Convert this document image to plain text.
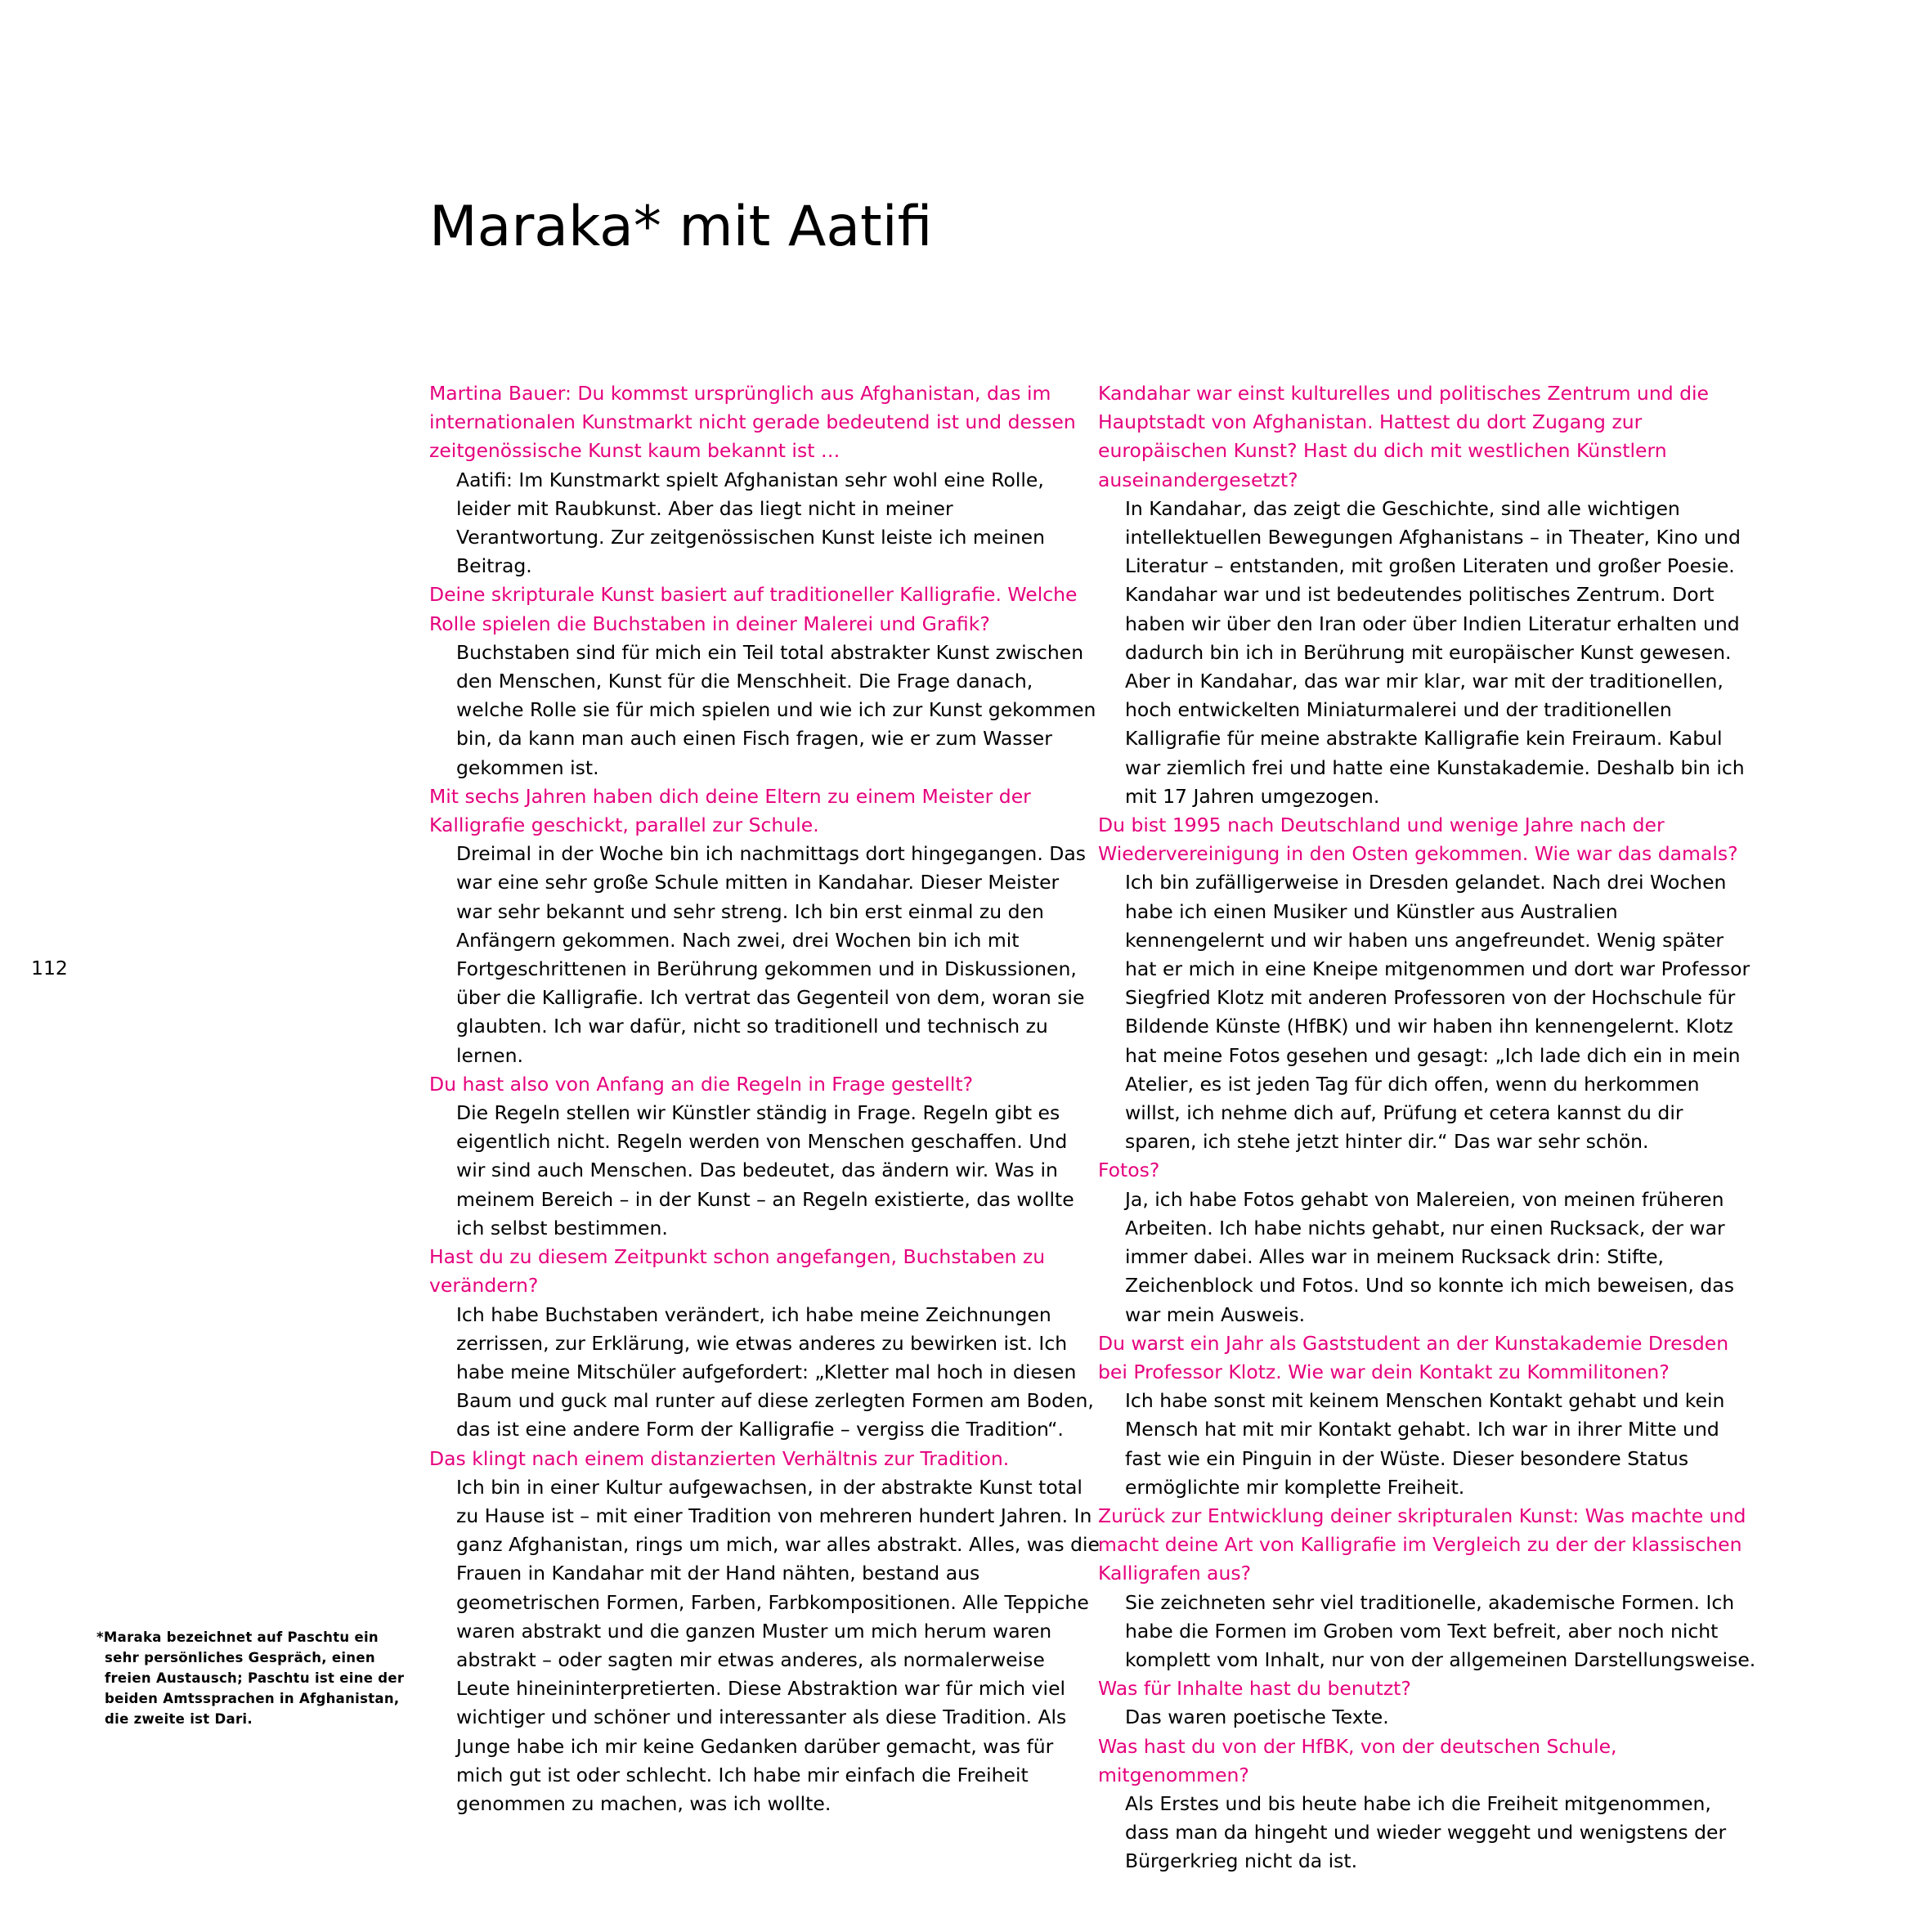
Maraka* mit Aatifi

Martina Bauer: Du kommst ursprünglich aus Afghanistan, das im internationalen Kunstmarkt nicht gerade bedeutend ist und dessen zeitgenössische Kunst kaum bekannt ist …

Aatifi: Im Kunstmarkt spielt Afghanistan sehr wohl eine Rolle, leider mit Raubkunst. Aber das liegt nicht in meiner Verantwortung. Zur zeitgenössischen Kunst leiste ich meinen Beitrag.

Deine skripturale Kunst basiert auf traditioneller Kalligrafie. Welche Rolle spielen die Buchstaben in deiner Malerei und Grafik?

Buchstaben sind für mich ein Teil total abstrakter Kunst zwischen den Menschen, Kunst für die Menschheit. Die Frage danach, welche Rolle sie für mich spielen und wie ich zur Kunst gekommen bin, da kann man auch einen Fisch fragen, wie er zum Wasser gekommen ist.

Mit sechs Jahren haben dich deine Eltern zu einem Meister der Kalligrafie geschickt, parallel zur Schule.

Dreimal in der Woche bin ich nachmittags dort hingegangen. Das war eine sehr große Schule mitten in Kandahar. Dieser Meister war sehr bekannt und sehr streng. Ich bin erst einmal zu den Anfängern gekommen. Nach zwei, drei Wochen bin ich mit Fortgeschrittenen in Berührung gekommen und in Diskussionen, über die Kalligrafie. Ich vertrat das Gegenteil von dem, woran sie glaubten. Ich war dafür, nicht so traditionell und technisch zu lernen.

Du hast also von Anfang an die Regeln in Frage gestellt?

Die Regeln stellen wir Künstler ständig in Frage. Regeln gibt es eigentlich nicht. Regeln werden von Menschen geschaffen. Und wir sind auch Menschen. Das bedeutet, das ändern wir. Was in meinem Bereich – in der Kunst – an Regeln existierte, das wollte ich selbst bestimmen.

Hast du zu diesem Zeitpunkt schon angefangen, Buchstaben zu verändern?

Ich habe Buchstaben verändert, ich habe meine Zeichnungen zerrissen, zur Erklärung, wie etwas anderes zu bewirken ist. Ich habe meine Mitschüler aufgefordert: „Kletter mal hoch in diesen Baum und guck mal runter auf diese zerlegten Formen am Boden, das ist eine andere Form der Kalligrafie – vergiss die Tradition“.

Das klingt nach einem distanzierten Verhältnis zur Tradition.

Ich bin in einer Kultur aufgewachsen, in der abstrakte Kunst total zu Hause ist – mit einer Tradition von mehreren hundert Jahren. In ganz Afghanistan, rings um mich, war alles abstrakt. Alles, was die Frauen in Kandahar mit der Hand nähten, bestand aus geometrischen Formen, Farben, Farbkompositionen. Alle Teppiche waren abstrakt und die ganzen Muster um mich herum waren abstrakt – oder sagten mir etwas anderes, als normalerweise Leute hineininterpretierten. Diese Abstraktion war für mich viel wichtiger und schöner und interessanter als diese Tradition. Als Junge habe ich mir keine Gedanken darüber gemacht, was für mich gut ist oder schlecht. Ich habe mir einfach die Freiheit genommen zu machen, was ich wollte.

Kandahar war einst kulturelles und politisches Zentrum und die Hauptstadt von Afghanistan. Hattest du dort Zugang zur europäischen Kunst? Hast du dich mit westlichen Künstlern auseinandergesetzt?

In Kandahar, das zeigt die Geschichte, sind alle wichtigen intellektuellen Bewegungen Afghanistans – in Theater, Kino und Literatur – entstanden, mit großen Literaten und großer Poesie. Kandahar war und ist bedeutendes politisches Zentrum. Dort haben wir über den Iran oder über Indien Literatur erhalten und dadurch bin ich in Berührung mit europäischer Kunst gewesen. Aber in Kandahar, das war mir klar, war mit der traditionellen, hoch entwickelten Miniaturmalerei und der traditionellen Kalligrafie für meine abstrakte Kalligrafie kein Freiraum. Kabul war ziemlich frei und hatte eine Kunstakademie. Deshalb bin ich mit 17 Jahren umgezogen.

Du bist 1995 nach Deutschland und wenige Jahre nach der Wiedervereinigung in den Osten gekommen. Wie war das damals?

Ich bin zufälligerweise in Dresden gelandet. Nach drei Wochen habe ich einen Musiker und Künstler aus Australien kennengelernt und wir haben uns angefreundet. Wenig später hat er mich in eine Kneipe mitgenommen und dort war Professor Siegfried Klotz mit anderen Professoren von der Hochschule für Bildende Künste (HfBK) und wir haben ihn kennengelernt. Klotz hat meine Fotos gesehen und gesagt: „Ich lade dich ein in mein Atelier, es ist jeden Tag für dich offen, wenn du herkommen willst, ich nehme dich auf, Prüfung et cetera kannst du dir sparen, ich stehe jetzt hinter dir.“ Das war sehr schön.

Fotos?

Ja, ich habe Fotos gehabt von Malereien, von meinen früheren Arbeiten. Ich habe nichts gehabt, nur einen Rucksack, der war immer dabei. Alles war in meinem Rucksack drin: Stifte, Zeichenblock und Fotos. Und so konnte ich mich beweisen, das war mein Ausweis.

Du warst ein Jahr als Gaststudent an der Kunstakademie Dresden bei Professor Klotz. Wie war dein Kontakt zu Kommilitonen?

Ich habe sonst mit keinem Menschen Kontakt gehabt und kein Mensch hat mit mir Kontakt gehabt. Ich war in ihrer Mitte und fast wie ein Pinguin in der Wüste. Dieser besondere Status ermöglichte mir komplette Freiheit.

Zurück zur Entwicklung deiner skripturalen Kunst: Was machte und macht deine Art von Kalligrafie im Vergleich zu der der klassischen Kalligrafen aus?

Sie zeichneten sehr viel traditionelle, akademische Formen. Ich habe die Formen im Groben vom Text befreit, aber noch nicht komplett vom Inhalt, nur von der allgemeinen Darstellungsweise.

Was für Inhalte hast du benutzt?

Das waren poetische Texte.

Was hast du von der HfBK, von der deutschen Schule, mitgenommen?

Als Erstes und bis heute habe ich die Freiheit mitgenommen, dass man da hingeht und wieder weggeht und wenigstens der Bürgerkrieg nicht da ist.

112
*Maraka bezeichnet auf Paschtu ein sehr persönliches Gespräch, einen freien Austausch; Paschtu ist eine der beiden Amtssprachen in Afghanistan, die zweite ist Dari.
